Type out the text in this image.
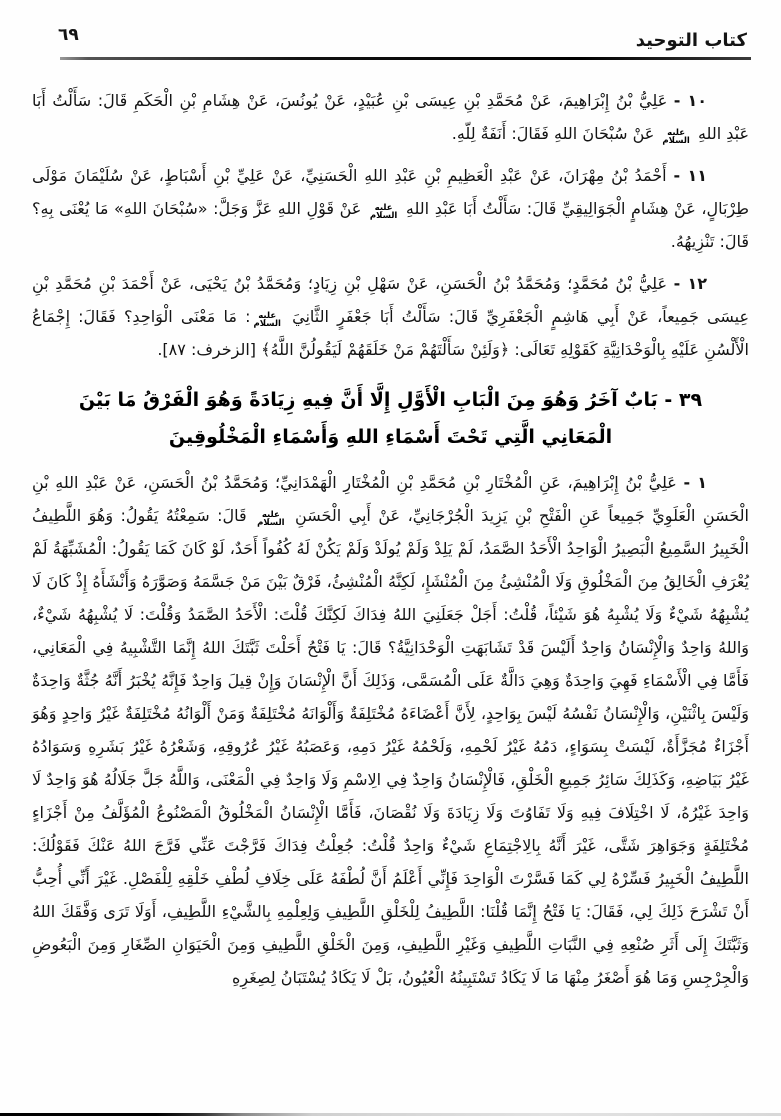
كتاب التوحيد
٦٩

١٠ - عَلِيُّ بْنُ إِبْرَاهِيمَ، عَنْ مُحَمَّدِ بْنِ عِيسَى بْنِ عُبَيْدٍ، عَنْ يُونُسَ، عَنْ هِشَامِ بْنِ الْحَكَمِ قَالَ: سَأَلْتُ أَبَا عَبْدِ اللهِ عليه
السلام عَنْ سُبْحَانَ اللهِ فَقَالَ: أَنَفَةٌ لِلّهِ.

١١ - أَحْمَدُ بْنُ مِهْرَانَ، عَنْ عَبْدِ الْعَظِيمِ بْنِ عَبْدِ اللهِ الْحَسَنِيِّ، عَنْ عَلِيِّ بْنِ أَسْبَاطٍ، عَنْ سُلَيْمَانَ مَوْلَى طِرْبَالٍ، عَنْ هِشَامٍ الْجَوَالِيقِيِّ قَالَ: سَأَلْتُ أَبَا عَبْدِ اللهِ عليه
السلام عَنْ قَوْلِ اللهِ عَزَّ وَجَلَّ: «سُبْحَانَ اللهِ» مَا يُعْنَى بِهِ؟ قَالَ: تَنْزِيهُهُ.

١٢ - عَلِيُّ بْنُ مُحَمَّدٍ؛ وَمُحَمَّدُ بْنُ الْحَسَنِ، عَنْ سَهْلِ بْنِ زِيَادٍ؛ وَمُحَمَّدُ بْنُ يَحْيَى، عَنْ أَحْمَدَ بْنِ مُحَمَّدِ بْنِ عِيسَى جَمِيعاً، عَنْ أَبِي هَاشِمٍ الْجَعْفَرِيِّ قَالَ: سَأَلْتُ أَبَا جَعْفَرٍ الثَّانِيَ عليه
السلام: مَا مَعْنَى الْوَاحِدِ؟ فَقَالَ: إِجْمَاعُ الْأَلْسُنِ عَلَيْهِ بِالْوَحْدَانِيَّةِ كَقَوْلِهِ تَعَالَى: ﴿وَلَئِنْ سَأَلْتَهُمْ مَنْ خَلَقَهُمْ لَيَقُولُنَّ اللَّهُ﴾ [الزخرف: ٨٧].

٣٩ - بَابٌ آخَرُ وَهُوَ مِنَ الْبَابِ الْأَوَّلِ إِلَّا أَنَّ فِيهِ زِيَادَةً وَهُوَ الْفَرْقُ مَا بَيْنَ
الْمَعَانِي الَّتِي تَحْتَ أَسْمَاءِ اللهِ وَأَسْمَاءِ الْمَخْلُوقِينَ

١ - عَلِيُّ بْنُ إِبْرَاهِيمَ، عَنِ الْمُخْتَارِ بْنِ مُحَمَّدِ بْنِ الْمُخْتَارِ الْهَمْدَانِيِّ؛ وَمُحَمَّدُ بْنُ الْحَسَنِ، عَنْ عَبْدِ اللهِ بْنِ الْحَسَنِ الْعَلَوِيِّ جَمِيعاً عَنِ الْفَتْحِ بْنِ يَزِيدَ الْجُرْجَانِيِّ، عَنْ أَبِي الْحَسَنِ عليه
السلام قَالَ: سَمِعْتُهُ يَقُولُ: وَهُوَ اللَّطِيفُ الْخَبِيرُ السَّمِيعُ الْبَصِيرُ الْوَاحِدُ الْأَحَدُ الصَّمَدُ، لَمْ يَلِدْ وَلَمْ يُولَدْ وَلَمْ يَكُنْ لَهُ كُفُواً أَحَدٌ، لَوْ كَانَ كَمَا يَقُولُ: الْمُشَبِّهَةُ لَمْ يُعْرَفِ الْخَالِقُ مِنَ الْمَخْلُوقِ وَلَا الْمُنْشِئُ مِنَ الْمُنْشَإِ، لَكِنَّهُ الْمُنْشِئُ، فَرْقٌ بَيْنَ مَنْ جَسَّمَهُ وَصَوَّرَهُ وَأَنْشَأَهُ إِذْ كَانَ لَا يُشْبِهُهُ شَيْءٌ وَلَا يُشْبِهُ هُوَ شَيْئاً، قُلْتُ: أَجَلْ جَعَلَنِيَ اللهُ فِدَاكَ لَكِنَّكَ قُلْتَ: الْأَحَدُ الصَّمَدُ وَقُلْتَ: لَا يُشْبِهُهُ شَيْءٌ، وَاللهُ وَاحِدٌ وَالْإِنْسَانُ وَاحِدٌ أَلَيْسَ قَدْ تَشَابَهَتِ الْوَحْدَانِيَّةُ؟ قَالَ: يَا فَتْحُ أَحَلْتَ ثَبَّتَكَ اللهُ إِنَّمَا التَّشْبِيهُ فِي الْمَعَانِي، فَأَمَّا فِي الْأَسْمَاءِ فَهِيَ وَاحِدَةٌ وَهِيَ دَالَّةٌ عَلَى الْمُسَمَّى، وَذَلِكَ أَنَّ الْإِنْسَانَ وَإِنْ قِيلَ وَاحِدٌ فَإِنَّهُ يُخْبَرُ أَنَّهُ جُثَّةٌ وَاحِدَةٌ وَلَيْسَ بِاثْنَيْنِ، وَالْإِنْسَانُ نَفْسُهُ لَيْسَ بِوَاحِدٍ، لِأَنَّ أَعْضَاءَهُ مُخْتَلِفَةٌ وَأَلْوَانَهُ مُخْتَلِفَةٌ وَمَنْ أَلْوَانُهُ مُخْتَلِفَةٌ غَيْرُ وَاحِدٍ وَهُوَ أَجْزَاءٌ مُجَزَّأَةٌ، لَيْسَتْ بِسَوَاءٍ، دَمُهُ غَيْرُ لَحْمِهِ، وَلَحْمُهُ غَيْرُ دَمِهِ، وَعَصَبُهُ غَيْرُ عُرُوقِهِ، وَشَعْرُهُ غَيْرُ بَشَرِهِ وَسَوَادُهُ غَيْرُ بَيَاضِهِ، وَكَذَلِكَ سَائِرُ جَمِيعِ الْخَلْقِ، فَالْإِنْسَانُ وَاحِدٌ فِي الِاسْمِ وَلَا وَاحِدٌ فِي الْمَعْنَى، وَاللَّهُ جَلَّ جَلَالُهُ هُوَ وَاحِدٌ لَا وَاحِدَ غَيْرُهُ، لَا اخْتِلَافَ فِيهِ وَلَا تَفَاوُتَ وَلَا زِيَادَةَ وَلَا نُقْصَانَ، فَأَمَّا الْإِنْسَانُ الْمَخْلُوقُ الْمَصْنُوعُ الْمُؤَلَّفُ مِنْ أَجْزَاءٍ مُخْتَلِفَةٍ وَجَوَاهِرَ شَتَّى، غَيْرَ أَنَّهُ بِالِاجْتِمَاعِ شَيْءٌ وَاحِدٌ قُلْتُ: جُعِلْتُ فِدَاكَ فَرَّجْتَ عَنِّي فَرَّجَ اللهُ عَنْكَ فَقَوْلُكَ: اللَّطِيفُ الْخَبِيرُ فَسِّرْهُ لِي كَمَا فَسَّرْتَ الْوَاحِدَ فَإِنِّي أَعْلَمُ أَنَّ لُطْفَهُ عَلَى خِلَافِ لُطْفِ خَلْقِهِ لِلْفَصْلِ. غَيْرَ أَنِّي أُحِبُّ أَنْ تَشْرَحَ ذَلِكَ لِي، فَقَالَ: يَا فَتْحُ إِنَّمَا قُلْنَا: اللَّطِيفُ لِلْخَلْقِ اللَّطِيفِ وَلِعِلْمِهِ بِالشَّيْءِ اللَّطِيفِ، أَوَلَا تَرَى وَفَّقَكَ اللهُ وَثَبَّتَكَ إِلَى أَثَرِ صُنْعِهِ فِي النَّبَاتِ اللَّطِيفِ وَغَيْرِ اللَّطِيفِ، وَمِنَ الْخَلْقِ اللَّطِيفِ وَمِنَ الْحَيَوَانِ الصِّغَارِ وَمِنَ الْبَعُوضِ وَالْجِرْجِسِ وَمَا هُوَ أَصْغَرُ مِنْهَا مَا لَا يَكَادُ تَسْتَبِينُهُ الْعُيُونُ، بَلْ لَا يَكَادُ يُسْتَبَانُ لِصِغَرِهِ
